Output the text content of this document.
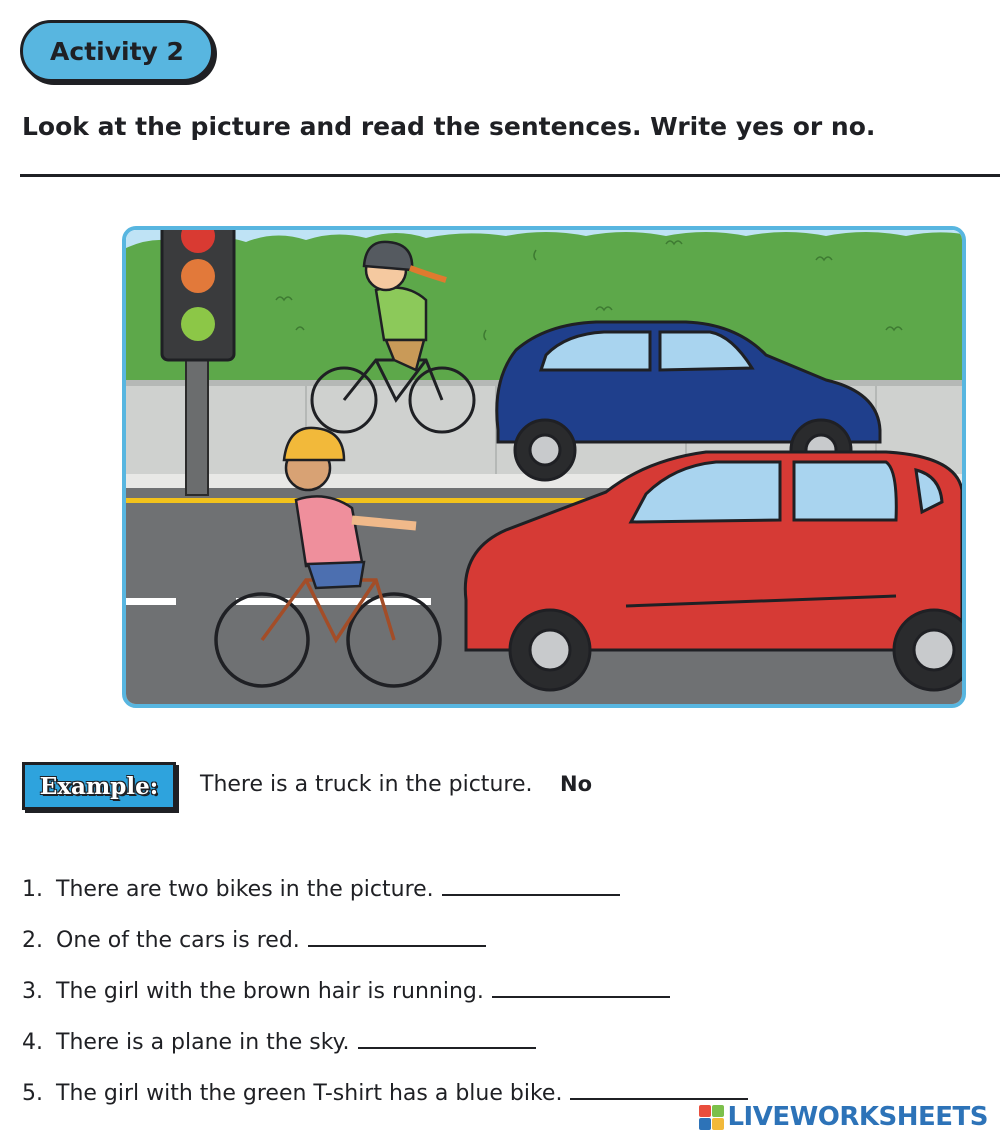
Activity 2
Look at the picture and read the sentences. Write yes or no.
Example: There is a truck in the picture. No
1. There are two bikes in the picture.
2. One of the cars is red.
3. The girl with the brown hair is running.
4. There is a plane in the sky.
5. The girl with the green T-shirt has a blue bike.
LIVEWORKSHEETS
